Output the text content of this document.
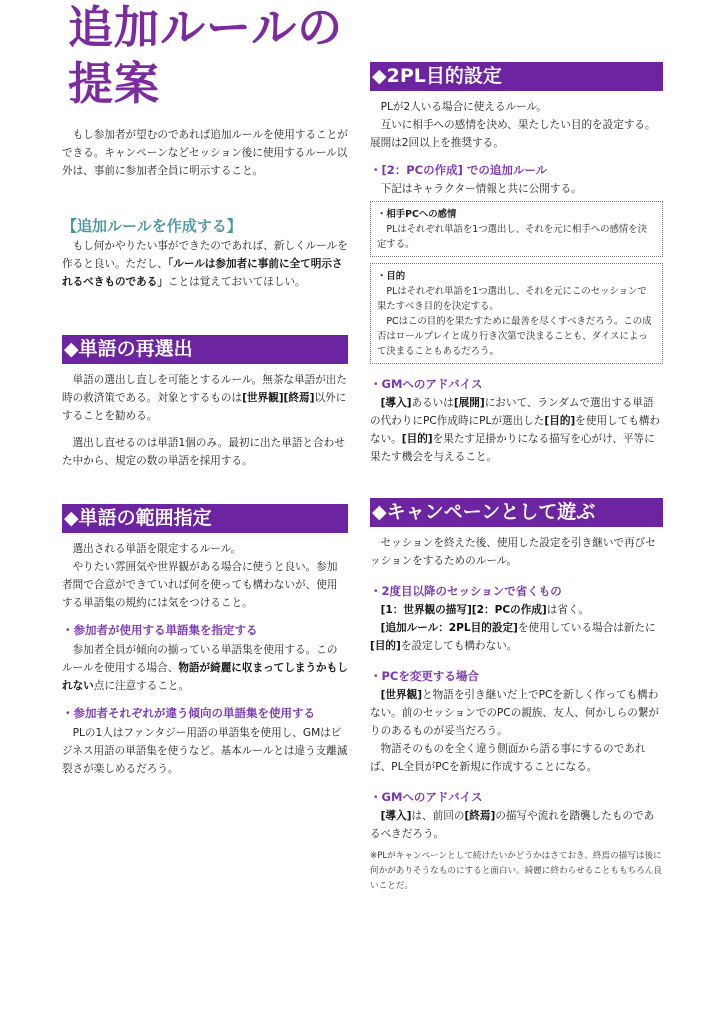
追加ルールの
提案

もし参加者が望むのであれば追加ルールを使用することができる。キャンペーンなどセッション後に使用するルール以外は、事前に参加者全員に明示すること。

【追加ルールを作成する】

もし何かやりたい事ができたのであれば、新しくルールを作ると良い。ただし、「ルールは参加者に事前に全て明示されるべきものである」ことは覚えておいてほしい。

◆単語の再選出

単語の選出し直しを可能とするルール。無茶な単語が出た時の救済策である。対象とするものは[世界観][終焉]以外にすることを勧める。

選出し直せるのは単語1個のみ。最初に出た単語と合わせた中から、規定の数の単語を採用する。

◆単語の範囲指定

選出される単語を限定するルール。

やりたい雰囲気や世界観がある場合に使うと良い。参加者間で合意ができていれば何を使っても構わないが、使用する単語集の規約には気をつけること。

・参加者が使用する単語集を指定する

参加者全員が傾向の揃っている単語集を使用する。このルールを使用する場合、物語が綺麗に収まってしまうかもしれない点に注意すること。

・参加者それぞれが違う傾向の単語集を使用する

PLの1人はファンタジー用語の単語集を使用し、GMはビジネス用語の単語集を使うなど。基本ルールとは違う支離滅裂さが楽しめるだろう。

◆2PL目的設定

PLが2人いる場合に使えるルール。

互いに相手への感情を決め、果たしたい目的を設定する。展開は2回以上を推奨する。

・[2：PCの作成] での追加ルール

下記はキャラクター情報と共に公開する。

・相手PCへの感情

PLはそれぞれ単語を1つ選出し、それを元に相手への感情を決定する。

・目的

PLはそれぞれ単語を1つ選出し、それを元にこのセッションで果たすべき目的を決定する。

PCはこの目的を果たすために最善を尽くすべきだろう。この成否はロールプレイと成り行き次第で決まることも、ダイスによって決まることもあるだろう。

・GMへのアドバイス

[導入]あるいは[展開]において、ランダムで選出する単語の代わりにPC作成時にPLが選出した[目的]を使用しても構わない。[目的]を果たす足掛かりになる描写を心がけ、平等に果たす機会を与えること。

◆キャンペーンとして遊ぶ

セッションを終えた後、使用した設定を引き継いで再びセッションをするためのルール。

・2度目以降のセッションで省くもの

[1：世界観の描写][2：PCの作成]は省く。

[追加ルール：2PL目的設定]を使用している場合は新たに[目的]を設定しても構わない。

・PCを変更する場合

[世界観]と物語を引き継いだ上でPCを新しく作っても構わない。前のセッションでのPCの親族、友人、何かしらの繋がりのあるものが妥当だろう。

物語そのものを全く違う側面から語る事にするのであれば、PL全員がPCを新規に作成することになる。

・GMへのアドバイス

[導入]は、前回の[終焉]の描写や流れを踏襲したものであるべきだろう。

※PLがキャンペーンとして続けたいかどうかはさておき、終焉の描写は後に何かがありそうなものにすると面白い。綺麗に終わらせることももちろん良いことだ。
